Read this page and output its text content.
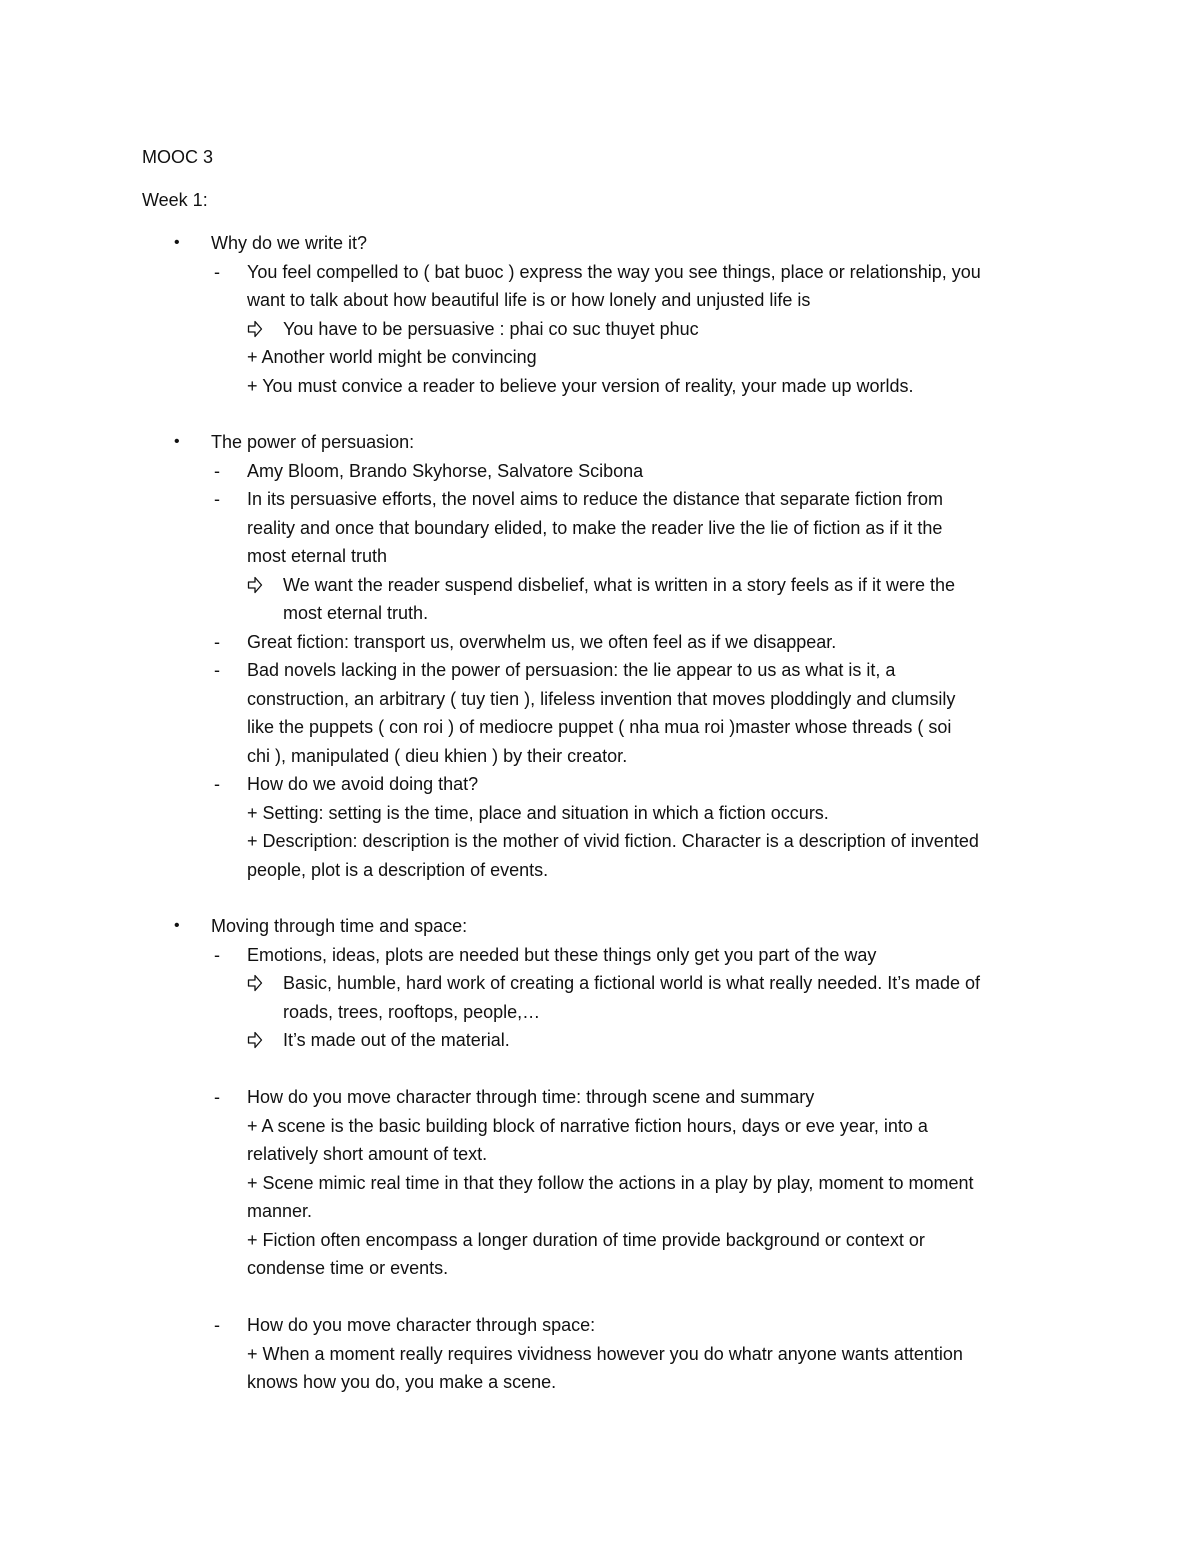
MOOC 3
Week 1:
• Why do we write it?
- You feel compelled to ( bat buoc ) express the way you see things, place or relationship, you
want to talk about how beautiful life is or how lonely and unjusted life is
You have to be persuasive : phai co suc thuyet phuc
+ Another world might be convincing
+ You must convice a reader to believe your version of reality, your made up worlds.
• The power of persuasion:
- Amy Bloom, Brando Skyhorse, Salvatore Scibona
- In its persuasive efforts, the novel aims to reduce the distance that separate fiction from
reality and once that boundary elided, to make the reader live the lie of fiction as if it the
most eternal truth
We want the reader suspend disbelief, what is written in a story feels as if it were the
most eternal truth.
- Great fiction: transport us, overwhelm us, we often feel as if we disappear.
- Bad novels lacking in the power of persuasion: the lie appear to us as what is it, a
construction, an arbitrary ( tuy tien ), lifeless invention that moves ploddingly and clumsily
like the puppets ( con roi ) of mediocre puppet ( nha mua roi )master whose threads ( soi
chi ), manipulated ( dieu khien ) by their creator.
- How do we avoid doing that?
+ Setting: setting is the time, place and situation in which a fiction occurs.
+ Description: description is the mother of vivid fiction. Character is a description of invented
people, plot is a description of events.
• Moving through time and space:
- Emotions, ideas, plots are needed but these things only get you part of the way
Basic, humble, hard work of creating a fictional world is what really needed. It’s made of
roads, trees, rooftops, people,…
It’s made out of the material.
- How do you move character through time: through scene and summary
+ A scene is the basic building block of narrative fiction hours, days or eve year, into a
relatively short amount of text.
+ Scene mimic real time in that they follow the actions in a play by play, moment to moment
manner.
+ Fiction often encompass a longer duration of time provide background or context or
condense time or events.
- How do you move character through space:
+ When a moment really requires vividness however you do whatr anyone wants attention
knows how you do, you make a scene.
